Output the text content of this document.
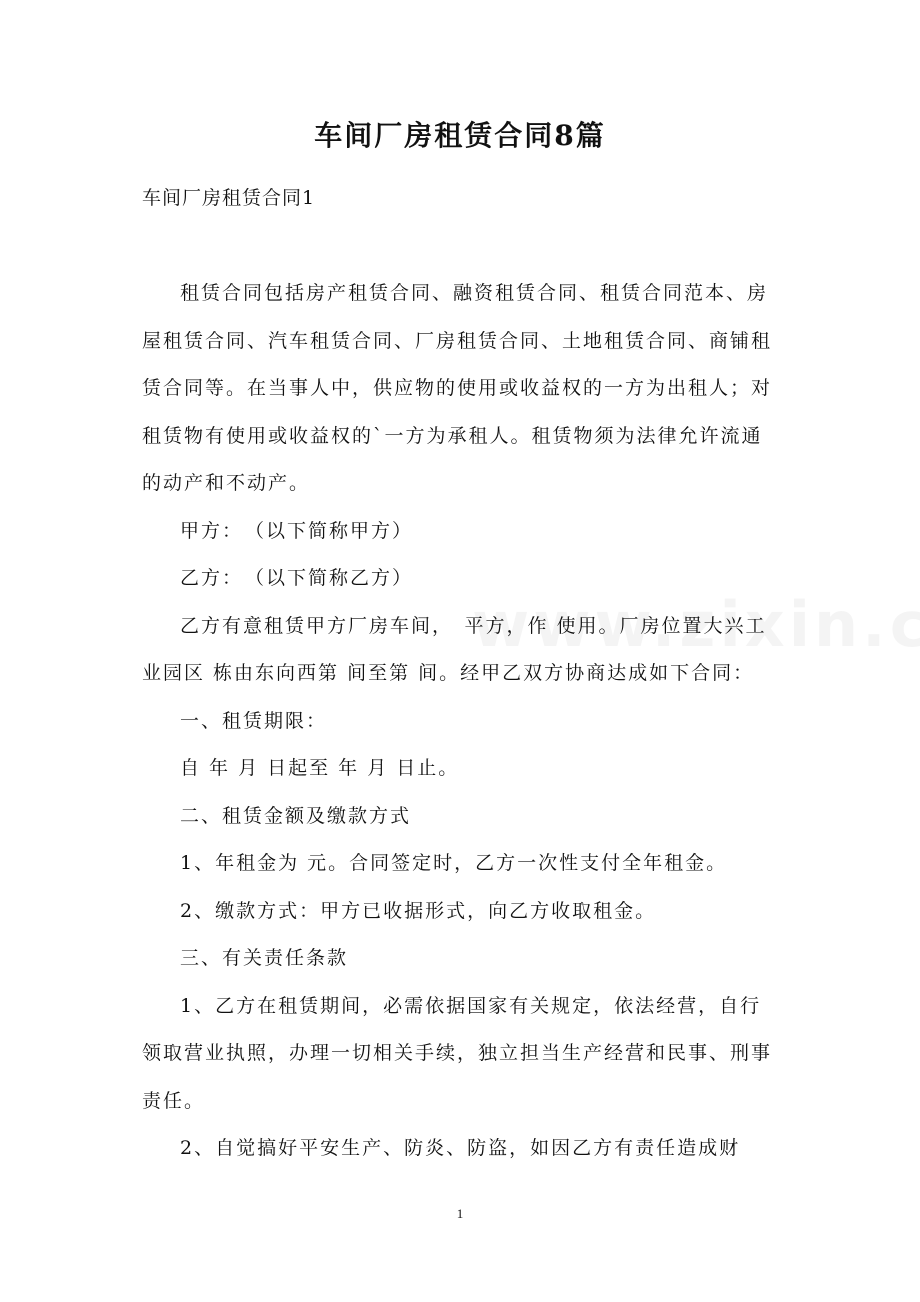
车间厂房租赁合同8篇
车间厂房租赁合同1

租赁合同包括房产租赁合同、融资租赁合同、租赁合同范本、房屋租赁合同、汽车租赁合同、厂房租赁合同、土地租赁合同、商铺租赁合同等。在当事人中，供应物的使用或收益权的一方为出租人；对租赁物有使用或收益权的`一方为承租人。租赁物须为法律允许流通的动产和不动产。

甲方：　（以下简称甲方）

乙方：　（以下简称乙方）

乙方有意租赁甲方厂房车间，　平方，作 使用。厂房位置大兴工业园区 栋由东向西第 间至第 间。经甲乙双方协商达成如下合同：

一、租赁期限：

自 年 月 日起至 年 月 日止。

二、租赁金额及缴款方式

1、年租金为 元。合同签定时，乙方一次性支付全年租金。

2、缴款方式：甲方已收据形式，向乙方收取租金。

三、有关责任条款

1、乙方在租赁期间，必需依据国家有关规定，依法经营，自行领取营业执照，办理一切相关手续，独立担当生产经营和民事、刑事责任。

2、自觉搞好平安生产、防炎、防盗，如因乙方有责任造成财

1
